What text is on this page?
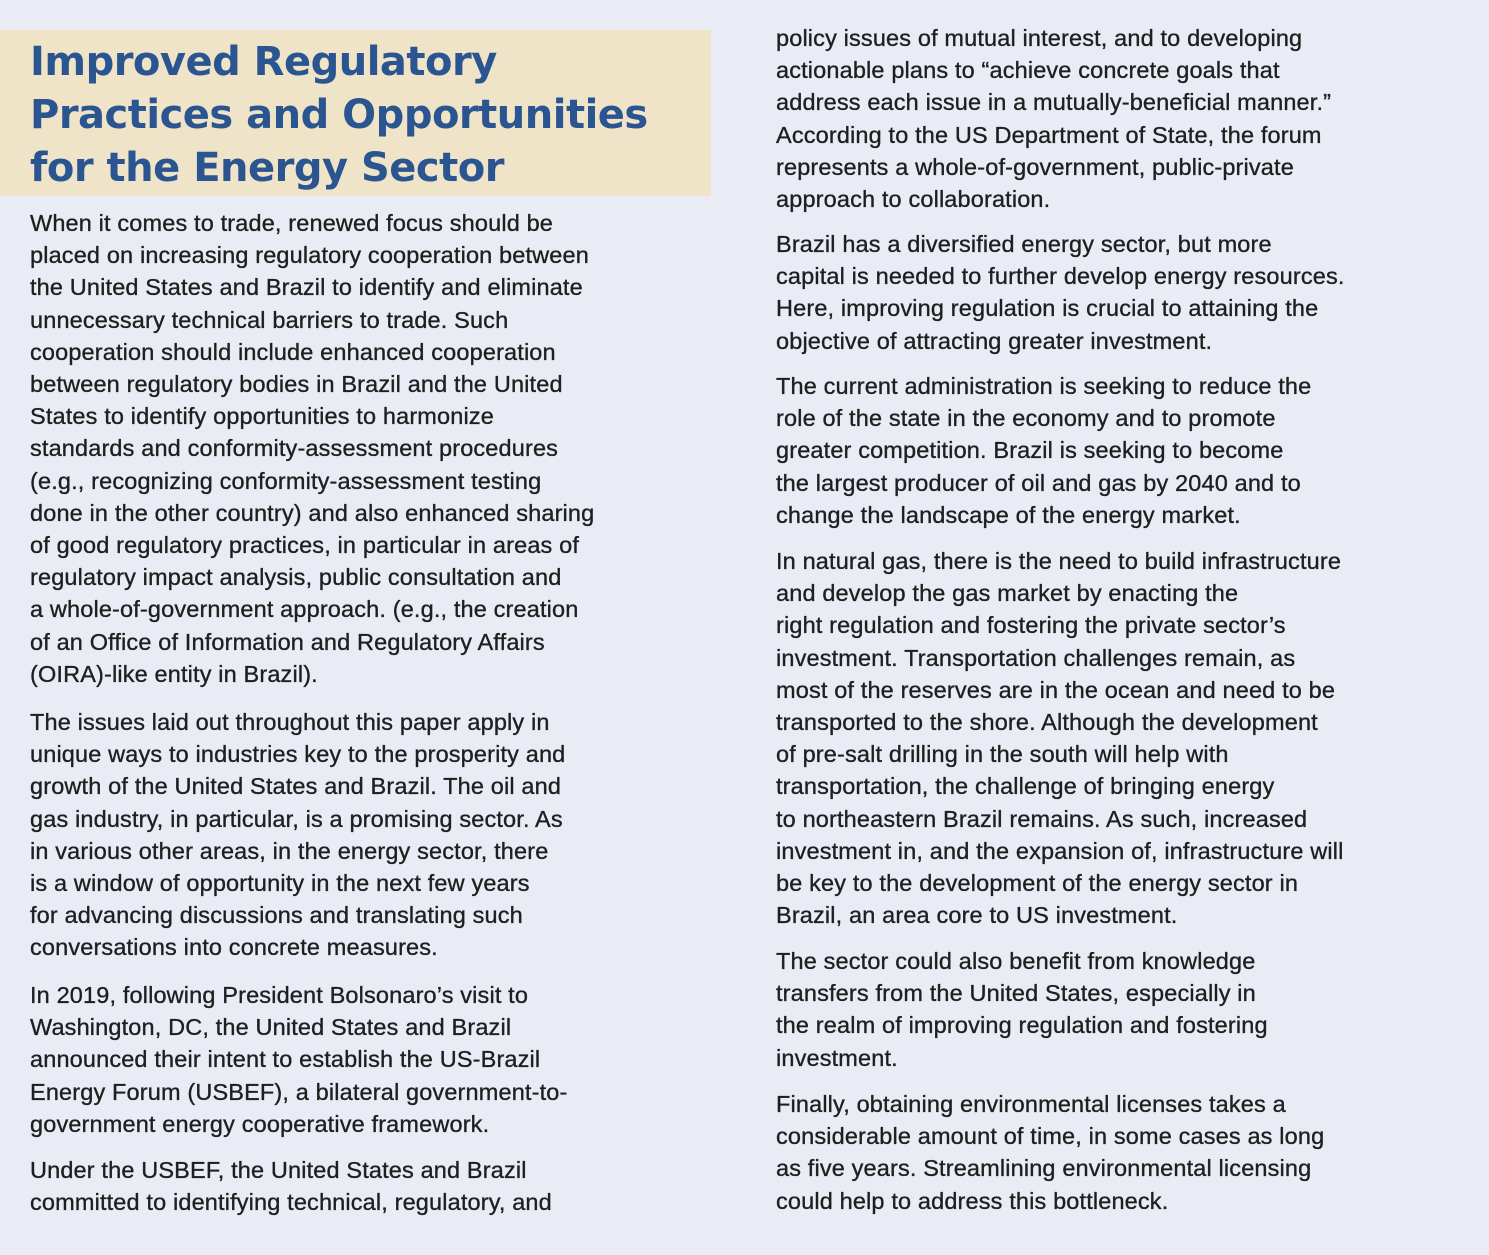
Improved Regulatory
Practices and Opportunities
for the Energy Sector

When it comes to trade, renewed focus should be
placed on increasing regulatory cooperation between
the United States and Brazil to identify and eliminate
unnecessary technical barriers to trade. Such
cooperation should include enhanced cooperation
between regulatory bodies in Brazil and the United
States to identify opportunities to harmonize
standards and conformity-assessment procedures
(e.g., recognizing conformity-assessment testing
done in the other country) and also enhanced sharing
of good regulatory practices, in particular in areas of
regulatory impact analysis, public consultation and
a whole-of-government approach. (e.g., the creation
of an Office of Information and Regulatory Affairs
(OIRA)-like entity in Brazil).

The issues laid out throughout this paper apply in
unique ways to industries key to the prosperity and
growth of the United States and Brazil. The oil and
gas industry, in particular, is a promising sector. As
in various other areas, in the energy sector, there
is a window of opportunity in the next few years
for advancing discussions and translating such
conversations into concrete measures.

In 2019, following President Bolsonaro’s visit to
Washington, DC, the United States and Brazil
announced their intent to establish the US-Brazil
Energy Forum (USBEF), a bilateral government-to-
government energy cooperative framework.

Under the USBEF, the United States and Brazil
committed to identifying technical, regulatory, and

policy issues of mutual interest, and to developing
actionable plans to “achieve concrete goals that
address each issue in a mutually-beneficial manner.”
According to the US Department of State, the forum
represents a whole-of-government, public-private
approach to collaboration.

Brazil has a diversified energy sector, but more
capital is needed to further develop energy resources.
Here, improving regulation is crucial to attaining the
objective of attracting greater investment.

The current administration is seeking to reduce the
role of the state in the economy and to promote
greater competition. Brazil is seeking to become
the largest producer of oil and gas by 2040 and to
change the landscape of the energy market.

In natural gas, there is the need to build infrastructure
and develop the gas market by enacting the
right regulation and fostering the private sector’s
investment. Transportation challenges remain, as
most of the reserves are in the ocean and need to be
transported to the shore. Although the development
of pre-salt drilling in the south will help with
transportation, the challenge of bringing energy
to northeastern Brazil remains. As such, increased
investment in, and the expansion of, infrastructure will
be key to the development of the energy sector in
Brazil, an area core to US investment.

The sector could also benefit from knowledge
transfers from the United States, especially in
the realm of improving regulation and fostering
investment.

Finally, obtaining environmental licenses takes a
considerable amount of time, in some cases as long
as five years. Streamlining environmental licensing
could help to address this bottleneck.
